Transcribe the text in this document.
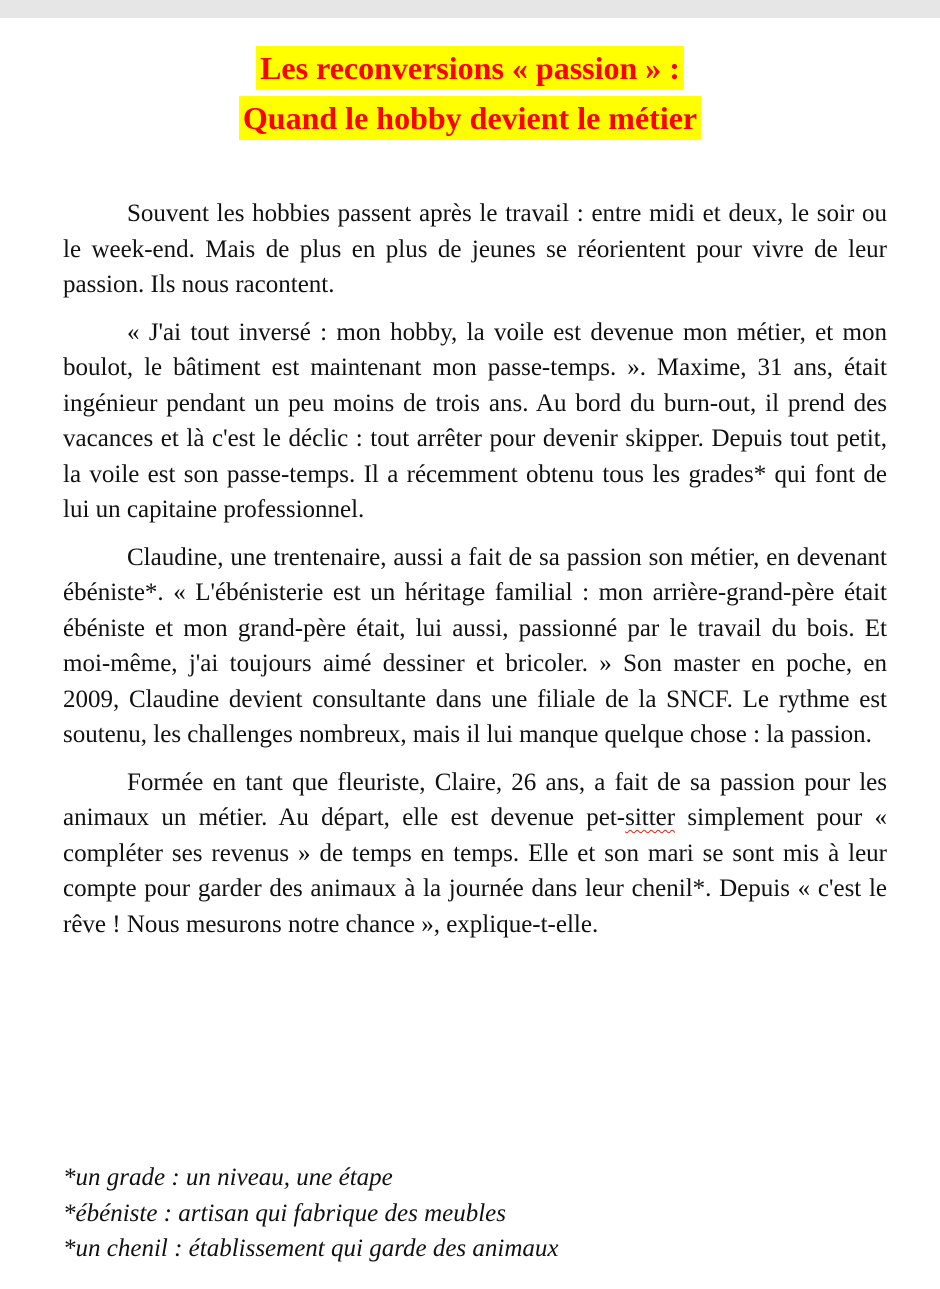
Les reconversions « passion » :
Quand le hobby devient le métier

Souvent les hobbies passent après le travail : entre midi et deux, le soir ou le week-end. Mais de plus en plus de jeunes se réorientent pour vivre de leur passion. Ils nous racontent.

« J'ai tout inversé : mon hobby, la voile est devenue mon métier, et mon boulot, le bâtiment est maintenant mon passe-temps. ». Maxime, 31 ans, était ingénieur pendant un peu moins de trois ans. Au bord du burn-out, il prend des vacances et là c'est le déclic : tout arrêter pour devenir skipper. Depuis tout petit, la voile est son passe-temps. Il a récemment obtenu tous les grades* qui font de lui un capitaine professionnel.

Claudine, une trentenaire, aussi a fait de sa passion son métier, en devenant ébéniste*. « L'ébénisterie est un héritage familial : mon arrière-grand-père était ébéniste et mon grand-père était, lui aussi, passionné par le travail du bois. Et moi-même, j'ai toujours aimé dessiner et bricoler. » Son master en poche, en 2009, Claudine devient consultante dans une filiale de la SNCF. Le rythme est soutenu, les challenges nombreux, mais il lui manque quelque chose : la passion.

Formée en tant que fleuriste, Claire, 26 ans, a fait de sa passion pour les animaux un métier. Au départ, elle est devenue pet-sitter simplement pour « compléter ses revenus » de temps en temps. Elle et son mari se sont mis à leur compte pour garder des animaux à la journée dans leur chenil*. Depuis « c'est le rêve ! Nous mesurons notre chance », explique-t-elle.

*un grade : un niveau, une étape

*ébéniste : artisan qui fabrique des meubles

*un chenil : établissement qui garde des animaux
